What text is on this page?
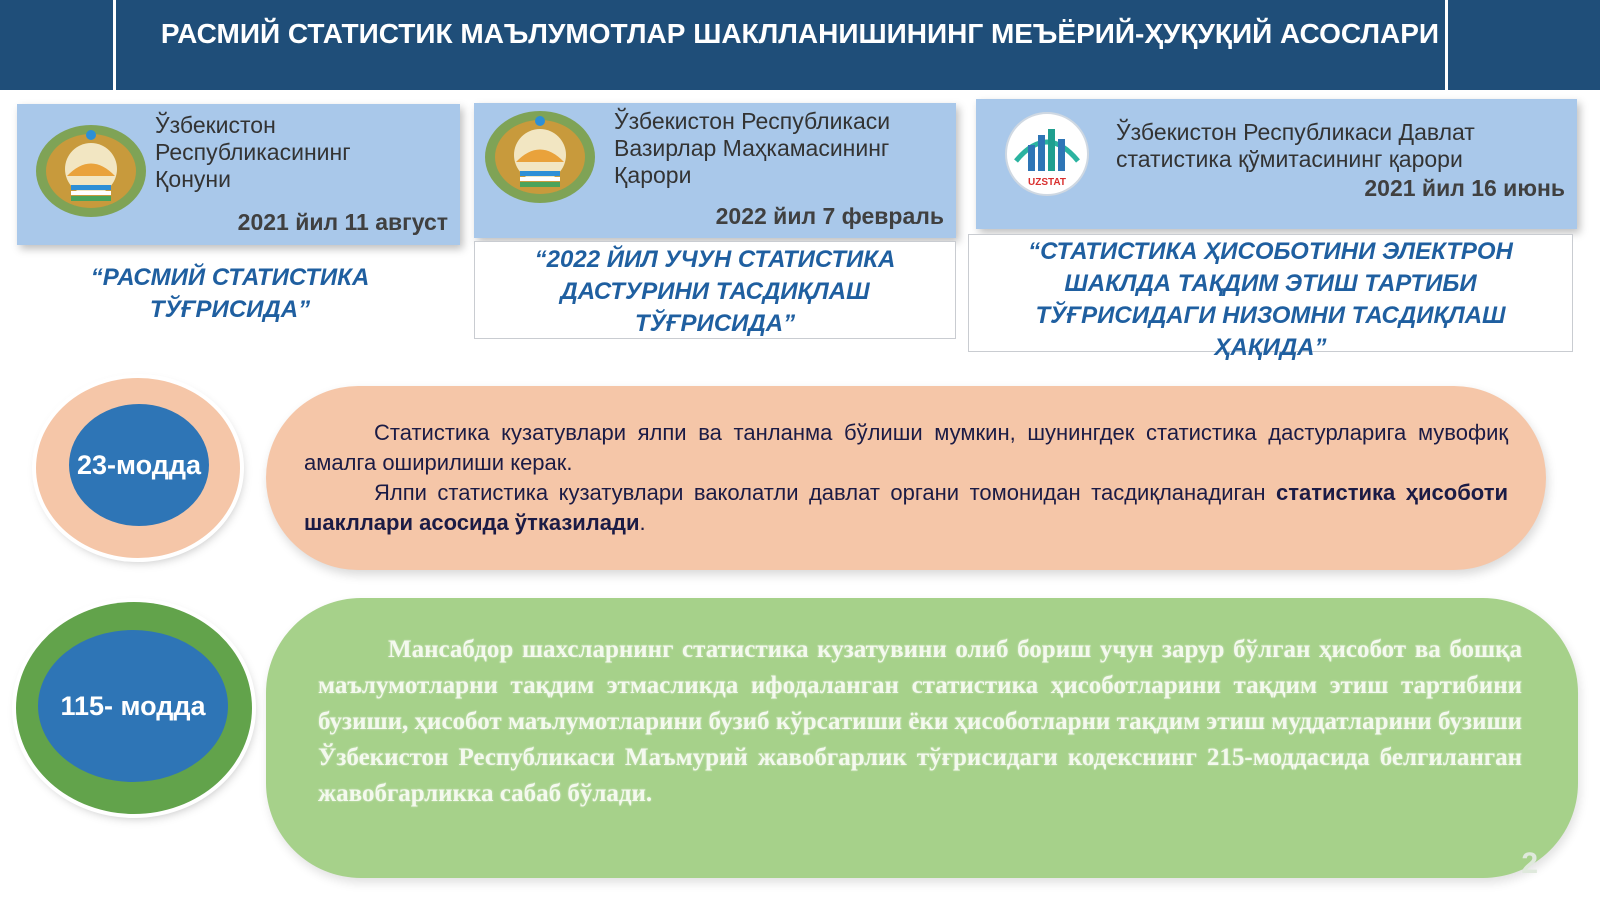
РАСМИЙ СТАТИСТИК МАЪЛУМОТЛАР ШАКЛЛАНИШИНИНГ МЕЪЁРИЙ-ҲУҚУҚИЙ АСОСЛАРИ
Ўзбекистон Республикасининг Қонуни
2021 йил 11 август
“РАСМИЙ СТАТИСТИКА ТЎҒРИСИДА”
Ўзбекистон Республикаси Вазирлар Маҳкамасининг Қарори
2022 йил 7 февраль
“2022 ЙИЛ УЧУН СТАТИСТИКА ДАСТУРИНИ ТАСДИҚЛАШ ТЎҒРИСИДА”
UZSTAT
Ўзбекистон Республикаси Давлат статистика қўмитасининг қарори
2021 йил 16 июнь
“СТАТИСТИКА ҲИСОБОТИНИ ЭЛЕКТРОН ШАКЛДА ТАҚДИМ ЭТИШ ТАРТИБИ ТЎҒРИСИДАГИ НИЗОМНИ ТАСДИҚЛАШ ҲАҚИДА”
23-модда

Статистика кузатувлари ялпи ва танланма бўлиши мумкин, шунингдек статистика дастурларига мувофиқ амалга оширилиши керак.

Ялпи статистика кузатувлари ваколатли давлат органи томонидан тасдиқланадиган статистика ҳисоботи шакллари асосида ўтказилади.

115- модда

Мансабдор шахсларнинг статистика кузатувини олиб бориш учун зарур бўлган ҳисобот ва бошқа маълумотларни тақдим этмасликда ифодаланган статистика ҳисоботларини тақдим этиш тартибини бузиши, ҳисобот маълумотларини бузиб кўрсатиши ёки ҳисоботларни тақдим этиш муддатларини бузиши Ўзбекистон Республикаси Маъмурий жавобгарлик тўғрисидаги кодекснинг 215-моддасида белгиланган жавобгарликка сабаб бўлади.

2
